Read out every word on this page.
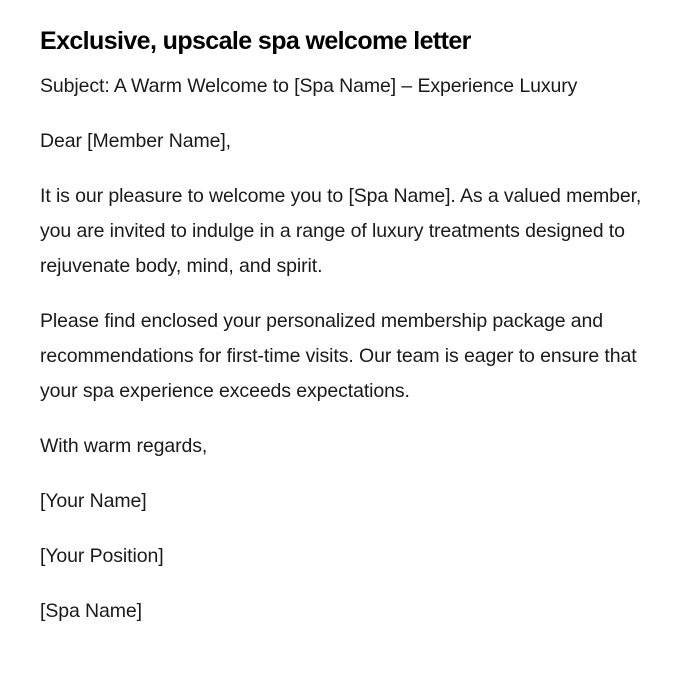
Exclusive, upscale spa welcome letter

Subject: A Warm Welcome to [Spa Name] – Experience Luxury

Dear [Member Name],

It is our pleasure to welcome you to [Spa Name]. As a valued member, you are invited to indulge in a range of luxury treatments designed to rejuvenate body, mind, and spirit.

Please find enclosed your personalized membership package and recommendations for first-time visits. Our team is eager to ensure that your spa experience exceeds expectations.

With warm regards,

[Your Name]

[Your Position]

[Spa Name]
